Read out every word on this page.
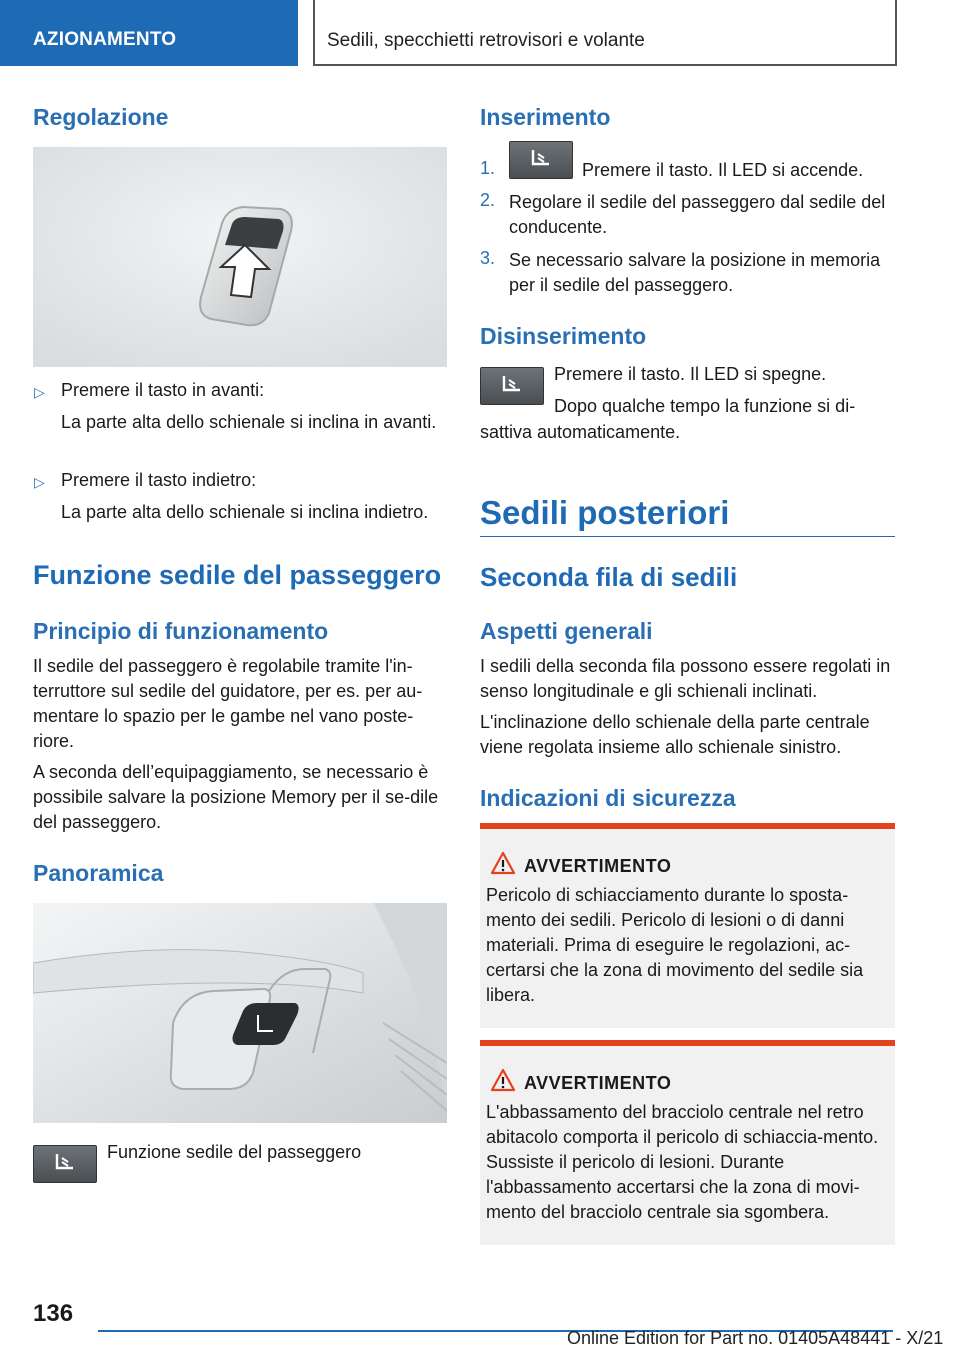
AZIONAMENTO	Sedili, specchietti retrovisori e volante
Regolazione
▷ Premere il tasto in avanti:
La parte alta dello schienale si inclina in avanti.
▷ Premere il tasto indietro:
La parte alta dello schienale si inclina indietro.
Funzione sedile del passeggero
Principio di funzionamento
Il sedile del passeggero è regolabile tramite l'in-terruttore sul sedile del guidatore, per es. per au-mentare lo spazio per le gambe nel vano poste-riore.
A seconda dell’equipaggiamento, se necessario è possibile salvare la posizione Memory per il se-dile del passeggero.
Panoramica
Funzione sedile del passeggero
Inserimento
1.	Premere il tasto. Il LED si accende.
2. Regolare il sedile del passeggero dal sedile del conducente.
3. Se necessario salvare la posizione in memoria per il sedile del passeggero.
Disinserimento
Premere il tasto. Il LED si spegne.
Dopo qualche tempo la funzione si di-
sattiva automaticamente.
Sedili posteriori
Seconda fila di sedili
Aspetti generali
I sedili della seconda fila possono essere regolati in senso longitudinale e gli schienali inclinati.
L'inclinazione dello schienale della parte centrale viene regolata insieme allo schienale sinistro.
Indicazioni di sicurezza
AVVERTIMENTO
Pericolo di schiacciamento durante lo sposta-mento dei sedili. Pericolo di lesioni o di danni materiali. Prima di eseguire le regolazioni, ac-certarsi che la zona di movimento del sedile sia libera.
AVVERTIMENTO
L'abbassamento del bracciolo centrale nel retro abitacolo comporta il pericolo di schiaccia-mento. Sussiste il pericolo di lesioni. Durante l'abbassamento accertarsi che la zona di movi-mento del bracciolo centrale sia sgombera.
136
Online Edition for Part no. 01405A48441 - X/21
